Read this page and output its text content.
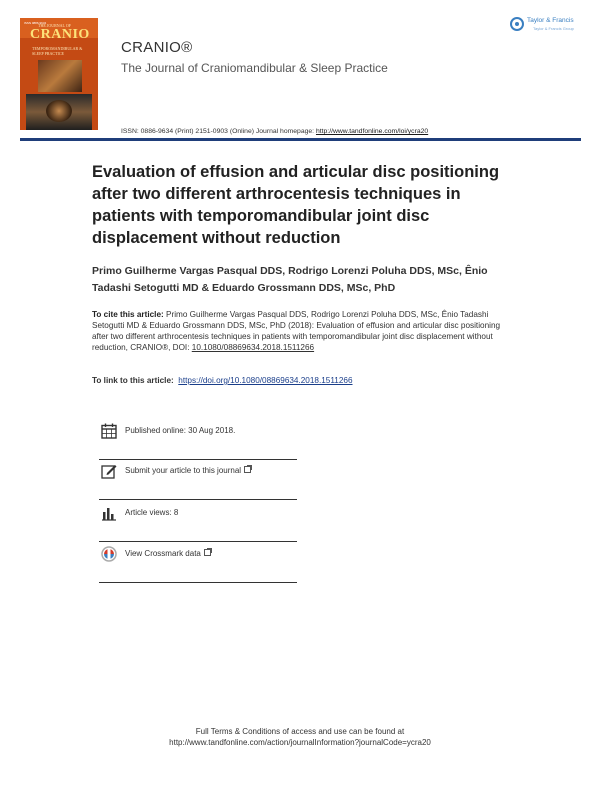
ISSN 0886-9634
THE JOURNAL OF
CRANIO
TEMPOROMANDIBULAR & SLEEP PRACTICE
Taylor & Francis
Taylor & Francis Group
CRANIO®
The Journal of Craniomandibular & Sleep Practice
ISSN: 0886-9634 (Print) 2151-0903 (Online) Journal homepage: http://www.tandfonline.com/loi/ycra20
Evaluation of effusion and articular disc positioning after two different arthrocentesis techniques in patients with temporomandibular joint disc displacement without reduction
Primo Guilherme Vargas Pasqual DDS, Rodrigo Lorenzi Poluha DDS, MSc, Ênio Tadashi Setogutti MD & Eduardo Grossmann DDS, MSc, PhD
To cite this article: Primo Guilherme Vargas Pasqual DDS, Rodrigo Lorenzi Poluha DDS, MSc, Ênio Tadashi Setogutti MD & Eduardo Grossmann DDS, MSc, PhD (2018): Evaluation of effusion and articular disc positioning after two different arthrocentesis techniques in patients with temporomandibular joint disc displacement without reduction, CRANIO®, DOI: 10.1080/08869634.2018.1511266
To link to this article: https://doi.org/10.1080/08869634.2018.1511266
Published online: 30 Aug 2018.
Submit your article to this journal
Article views: 8
View Crossmark data
Full Terms & Conditions of access and use can be found at
http://www.tandfonline.com/action/journalInformation?journalCode=ycra20
